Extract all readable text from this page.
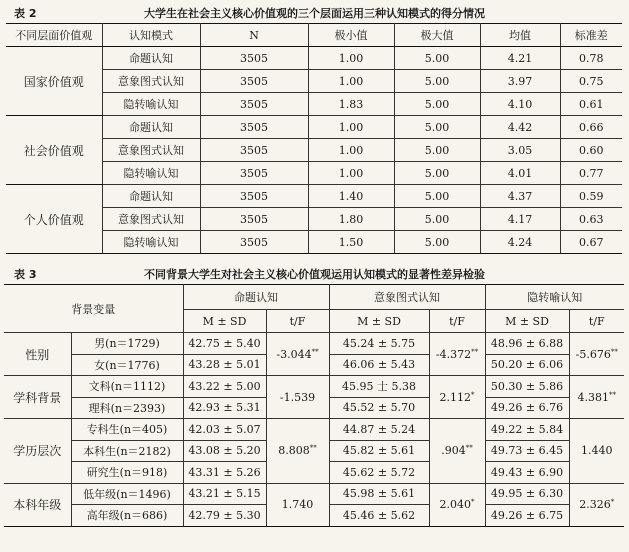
表 2	大学生在社会主义核心价值观的三个层面运用三种认知模式的得分情况
不同层面价值观	认知模式	N	极小值	极大值	均值	标准差
国家价值观	命题认知	3505	1.00	5.00	4.21	0.78
	意象图式认知	3505	1.00	5.00	3.97	0.75
	隐转喻认知	3505	1.83	5.00	4.10	0.61
社会价值观	命题认知	3505	1.00	5.00	4.42	0.66
	意象图式认知	3505	1.00	5.00	3.05	0.60
	隐转喻认知	3505	1.00	5.00	4.01	0.77
个人价值观	命题认知	3505	1.40	5.00	4.37	0.59
	意象图式认知	3505	1.80	5.00	4.17	0.63
	隐转喻认知	3505	1.50	5.00	4.24	0.67
表 3	不同背景大学生对社会主义核心价值观运用认知模式的显著性差异检验
背景变量		命题认知		意象图式认知		隐转喻认知	
		M ± SD	t/F	M ± SD	t/F	M ± SD	t/F
性别	男(n＝1729)	42.75 ± 5.40	-3.044**	45.24 ± 5.75	-4.372**	48.96 ± 6.88	-5.676**
	女(n＝1776)	43.28 ± 5.01		46.06 ± 5.43		50.20 ± 6.06	
学科背景	文科(n＝1112)	43.22 ± 5.00	-1.539	45.95 士 5.38	2.112*	50.30 ± 5.86	4.381**
	理科(n＝2393)	42.93 ± 5.31		45.52 ± 5.70		49.26 ± 6.76	
学历层次	专科生(n＝405)	42.03 ± 5.07	8.808**	44.87 ± 5.24	.904**	49.22 ± 5.84	1.440
	本科生(n＝2182)	43.08 ± 5.20		45.82 ± 5.61		49.73 ± 6.45	
	研究生(n＝918)	43.31 ± 5.26		45.62 ± 5.72		49.43 ± 6.90	
本科年级	低年级(n＝1496)	43.21 ± 5.15	1.740	45.98 ± 5.61	2.040*	49.95 ± 6.30	2.326*
	高年级(n＝686)	42.79 ± 5.30		45.46 ± 5.62		49.26 ± 6.75	
